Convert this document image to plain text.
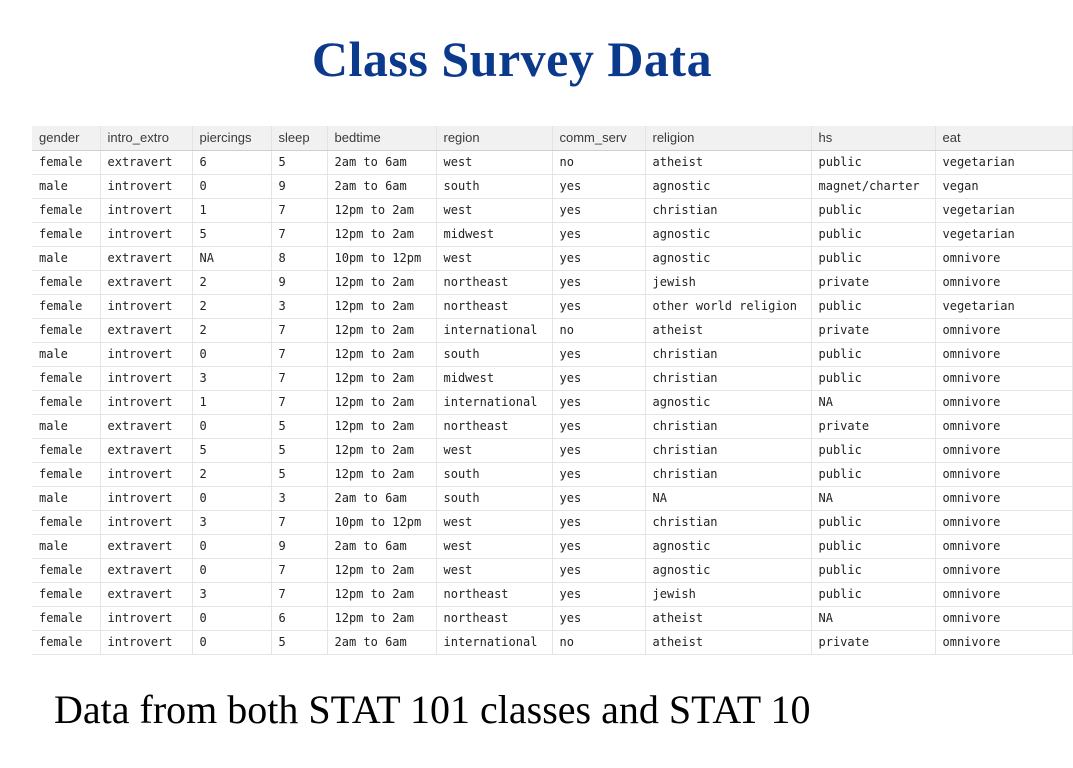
Class Survey Data
gender	intro_extro	piercings	sleep	bedtime	region	comm_serv	religion	hs	eat
female	extravert	6	5	2am to 6am	west	no	atheist	public	vegetarian
male	introvert	0	9	2am to 6am	south	yes	agnostic	magnet/charter	vegan
female	introvert	1	7	12pm to 2am	west	yes	christian	public	vegetarian
female	introvert	5	7	12pm to 2am	midwest	yes	agnostic	public	vegetarian
male	extravert	NA	8	10pm to 12pm	west	yes	agnostic	public	omnivore
female	extravert	2	9	12pm to 2am	northeast	yes	jewish	private	omnivore
female	introvert	2	3	12pm to 2am	northeast	yes	other world religion	public	vegetarian
female	extravert	2	7	12pm to 2am	international	no	atheist	private	omnivore
male	introvert	0	7	12pm to 2am	south	yes	christian	public	omnivore
female	introvert	3	7	12pm to 2am	midwest	yes	christian	public	omnivore
female	introvert	1	7	12pm to 2am	international	yes	agnostic	NA	omnivore
male	extravert	0	5	12pm to 2am	northeast	yes	christian	private	omnivore
female	extravert	5	5	12pm to 2am	west	yes	christian	public	omnivore
female	introvert	2	5	12pm to 2am	south	yes	christian	public	omnivore
male	introvert	0	3	2am to 6am	south	yes	NA	NA	omnivore
female	introvert	3	7	10pm to 12pm	west	yes	christian	public	omnivore
male	extravert	0	9	2am to 6am	west	yes	agnostic	public	omnivore
female	extravert	0	7	12pm to 2am	west	yes	agnostic	public	omnivore
female	extravert	3	7	12pm to 2am	northeast	yes	jewish	public	omnivore
female	introvert	0	6	12pm to 2am	northeast	yes	atheist	NA	omnivore
female	introvert	0	5	2am to 6am	international	no	atheist	private	omnivore
Data from both STAT 101 classes and STAT 10
